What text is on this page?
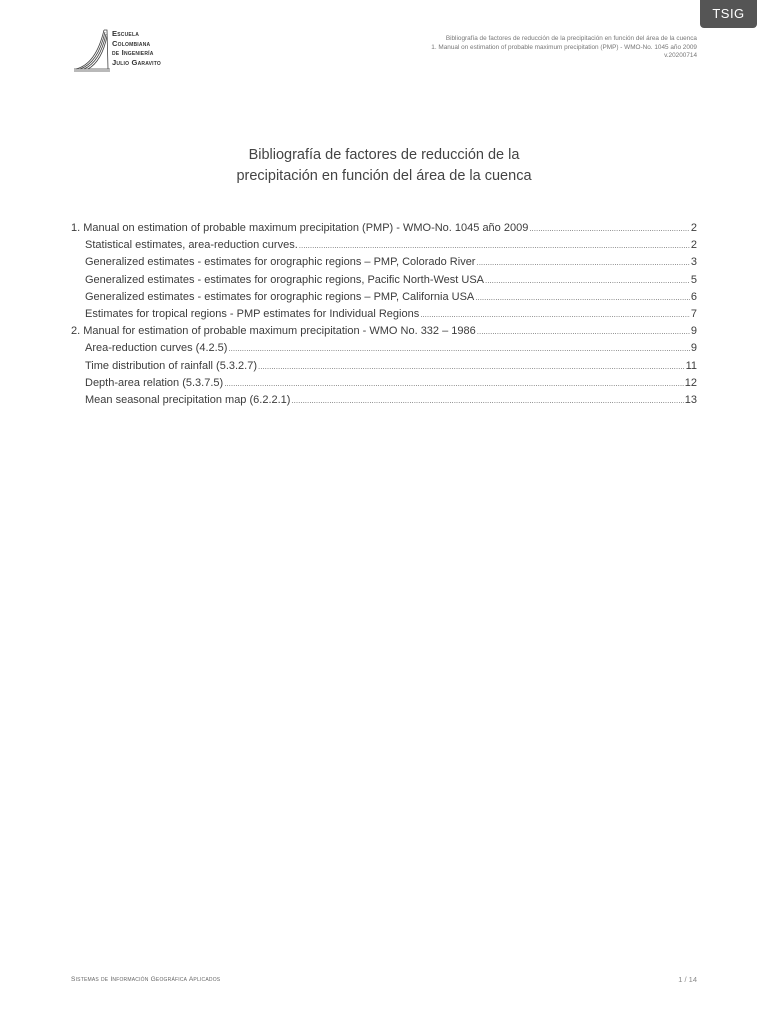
TSIG
Escuela
Colombiana
de Ingeniería
Julio Garavito
Bibliografía de factores de reducción de la precipitación en función del área de la cuenca
1. Manual on estimation of probable maximum precipitation (PMP) - WMO-No. 1045 año 2009
v.20200714
Bibliografía de factores de reducción de la
precipitación en función del área de la cuenca
1. Manual on estimation of probable maximum precipitation (PMP) - WMO-No. 1045 año 2009 .....	2
Statistical estimates, area-reduction curves. .....	2
Generalized estimates - estimates for orographic regions – PMP, Colorado River .....	3
Generalized estimates - estimates for orographic regions, Pacific North-West USA .....	5
Generalized estimates - estimates for orographic regions – PMP, California USA .....	6
Estimates for tropical regions - PMP estimates for Individual Regions .....	7
2. Manual for estimation of probable maximum precipitation - WMO No. 332 – 1986 .....	9
Area-reduction curves (4.2.5) .....	9
Time distribution of rainfall (5.3.2.7) .....	11
Depth-area relation (5.3.7.5) .....	12
Mean seasonal precipitation map (6.2.2.1) .....	13
Sistemas de Información Geográfica Aplicados	1 / 14
